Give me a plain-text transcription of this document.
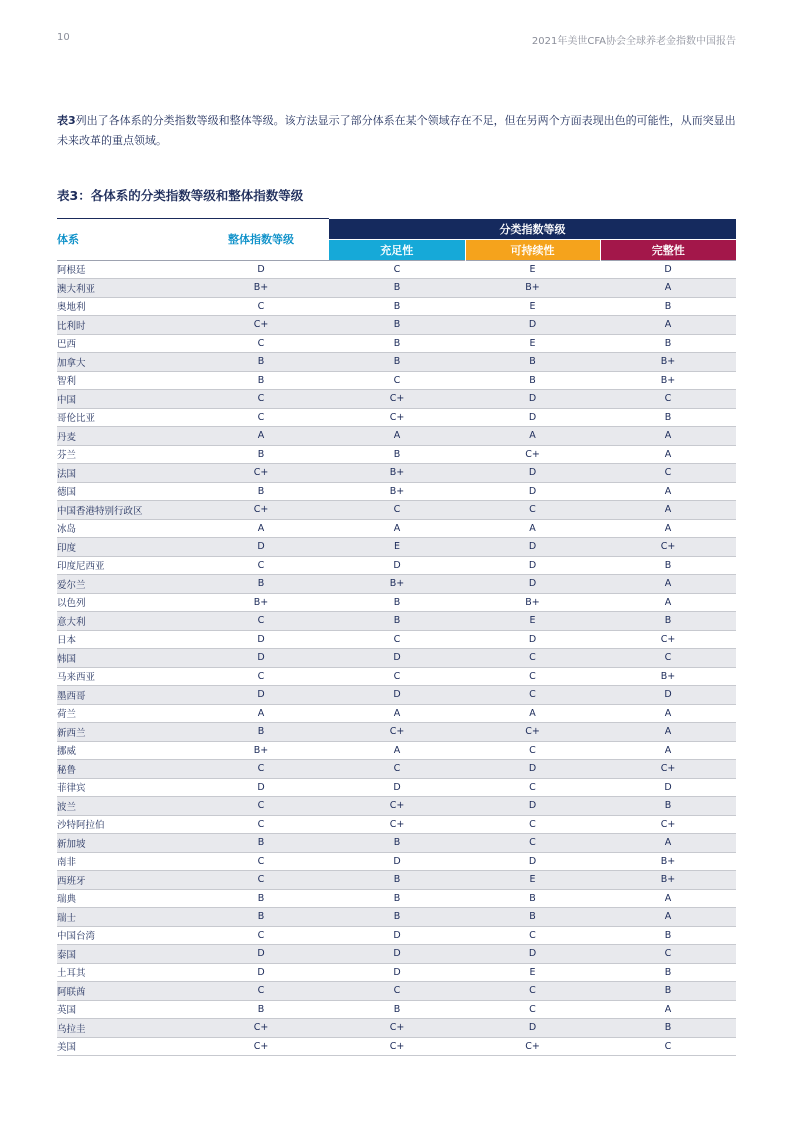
10	2021年美世CFA协会全球养老金指数中国报告

表3列出了各体系的分类指数等级和整体等级。该方法显示了部分体系在某个领域存在不足，但在另两个方面表现出色的可能性，从而突显出未来改革的重点领域。

表3：各体系的分类指数等级和整体指数等级
体系	整体指数等级	分类指数等级		
		充足性	可持续性	完整性
阿根廷	D	C	E	D
澳大利亚	B+	B	B+	A
奥地利	C	B	E	B
比利时	C+	B	D	A
巴西	C	B	E	B
加拿大	B	B	B	B+
智利	B	C	B	B+
中国	C	C+	D	C
哥伦比亚	C	C+	D	B
丹麦	A	A	A	A
芬兰	B	B	C+	A
法国	C+	B+	D	C
德国	B	B+	D	A
中国香港特别行政区	C+	C	C	A
冰岛	A	A	A	A
印度	D	E	D	C+
印度尼西亚	C	D	D	B
爱尔兰	B	B+	D	A
以色列	B+	B	B+	A
意大利	C	B	E	B
日本	D	C	D	C+
韩国	D	D	C	C
马来西亚	C	C	C	B+
墨西哥	D	D	C	D
荷兰	A	A	A	A
新西兰	B	C+	C+	A
挪威	B+	A	C	A
秘鲁	C	C	D	C+
菲律宾	D	D	C	D
波兰	C	C+	D	B
沙特阿拉伯	C	C+	C	C+
新加坡	B	B	C	A
南非	C	D	D	B+
西班牙	C	B	E	B+
瑞典	B	B	B	A
瑞士	B	B	B	A
中国台湾	C	D	C	B
泰国	D	D	D	C
土耳其	D	D	E	B
阿联酋	C	C	C	B
英国	B	B	C	A
乌拉圭	C+	C+	D	B
美国	C+	C+	C+	C
